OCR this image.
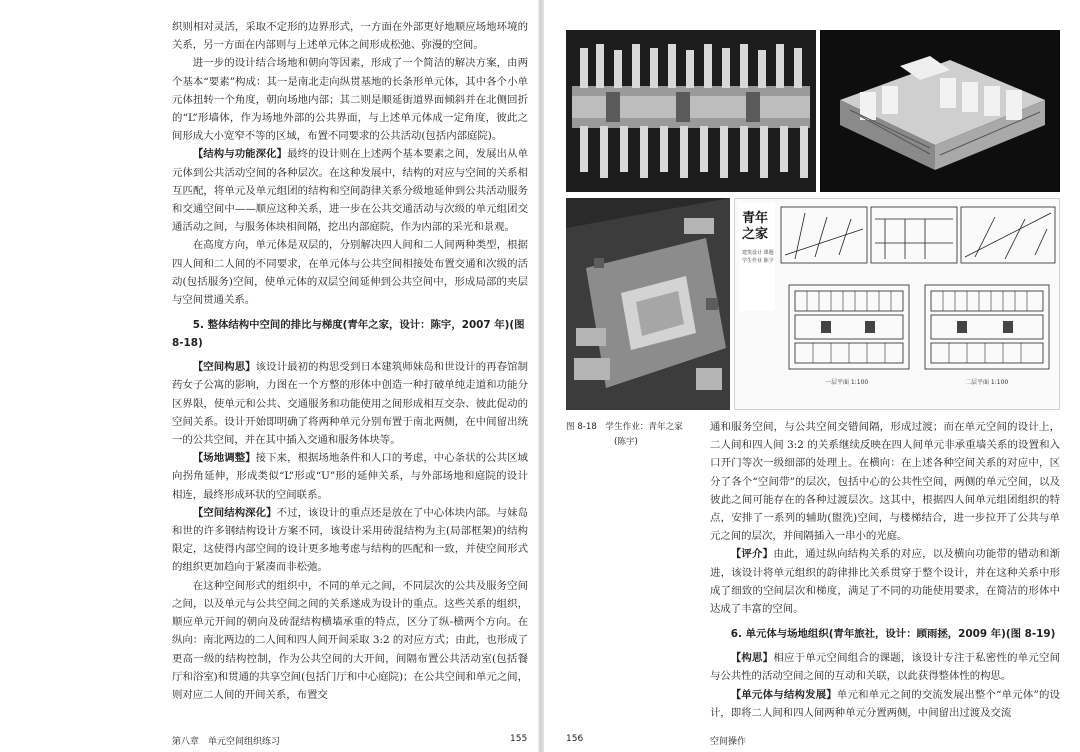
织则相对灵活，采取不定形的边界形式，一方面在外部更好地顺应场地环境的关系，另一方面在内部则与上述单元体之间形成松弛、弥漫的空间。

进一步的设计结合场地和朝向等因素，形成了一个简洁的解决方案，由两个基本“要素”构成：其一是南北走向纵贯基地的长条形单元体，其中各个小单元体扭转一个角度，朝向场地内部；其二则是顺延街道界面倾斜并在北侧回折的“L”形墙体，作为场地外部的公共界面，与上述单元体成一定角度，彼此之间形成大小宽窄不等的区域，布置不同要求的公共活动(包括内部庭院)。

【结构与功能深化】最终的设计则在上述两个基本要素之间，发展出从单元体到公共活动空间的各种层次。在这种发展中，结构的对应与空间的关系相互匹配，将单元及单元组团的结构和空间韵律关系分级地延伸到公共活动服务和交通空间中——顺应这种关系，进一步在公共交通活动与次级的单元组团交通活动之间，与服务体块相间隔，挖出内部庭院，作为内部的采光和景观。

在高度方向，单元体是双层的，分别解决四人间和二人间两种类型，根据四人间和二人间的不同要求，在单元体与公共空间相接处布置交通和次级的活动(包括服务)空间，使单元体的双层空间延伸到公共空间中，形成局部的夹层与空间贯通关系。

5. 整体结构中空间的排比与梯度(青年之家，设计：陈宇，2007 年)(图 8-18)

【空间构思】该设计最初的构思受到日本建筑师妹岛和世设计的再春馆制药女子公寓的影响，力图在一个方整的形体中创造一种打破单纯走道和功能分区界限，使单元和公共、交通服务和功能使用之间形成相互交杂、彼此促动的空间关系。设计开始即明确了将两种单元分别布置于南北两侧，在中间留出统一的公共空间，并在其中插入交通和服务体块等。

【场地调整】接下来，根据场地条件和人口的考虑，中心条状的公共区域向拐角延伸，形成类似“L”形或“U”形的延伸关系，与外部场地和庭院的设计相连，最终形成环状的空间联系。

【空间结构深化】不过，该设计的重点还是放在了中心体块内部。与妹岛和世的许多钢结构设计方案不同，该设计采用砖混结构为主(局部框架)的结构限定，这使得内部空间的设计更多地考虑与结构的匹配和一致，并使空间形式的组织更加趋向于紧凑而非松弛。

在这种空间形式的组织中，不同的单元之间，不同层次的公共及服务空间之间，以及单元与公共空间之间的关系遂成为设计的重点。这些关系的组织，顺应单元开间的朝向及砖混结构横墙承重的特点，区分了纵-横两个方向。在纵向：南北两边的二人间和四人间开间采取 3:2 的对应方式；由此，也形成了更高一级的结构控制，作为公共空间的大开间，间隔布置公共活动室(包括餐厅和浴室)和贯通的共享空间(包括门厅和中心庭院)；在公共空间和单元之间，则对应二人间的开间关系，布置交

第八章　单元空间组织练习	155
青年之家
建筑设计 课题
学生作业 陈宇
一层平面 1:100	二层平面 1:100
图 8-18　学生作业：青年之家
(陈宇)

通和服务空间，与公共空间交错间隔，形成过渡；而在单元空间的设计上，二人间和四人间 3:2 的关系继续反映在四人间单元非承重墙关系的设置和入口开门等次一级细部的处理上。在横向：在上述各种空间关系的对应中，区分了各个“空间带”的层次，包括中心的公共性空间，两侧的单元空间，以及彼此之间可能存在的各种过渡层次。这其中，根据四人间单元组团组织的特点，安排了一系列的辅助(盥洗)空间，与楼梯结合，进一步拉开了公共与单元之间的层次，并间隔插入一串小的光庭。

【评介】由此，通过纵向结构关系的对应，以及横向功能带的错动和渐进，该设计将单元组织的韵律排比关系贯穿于整个设计，并在这种关系中形成了细致的空间层次和梯度，满足了不同的功能使用要求，在简洁的形体中达成了丰富的空间。

6. 单元体与场地组织(青年旅社，设计：顾雨拯，2009 年)(图 8-19)

【构思】相应于单元空间组合的课题，该设计专注于私密性的单元空间与公共性的活动空间之间的互动和关联，以此获得整体性的构思。

【单元体与结构发展】单元和单元之间的交流发展出整个“单元体”的设计，即将二人间和四人间两种单元分置两侧，中间留出过渡及交流

156	空间操作
